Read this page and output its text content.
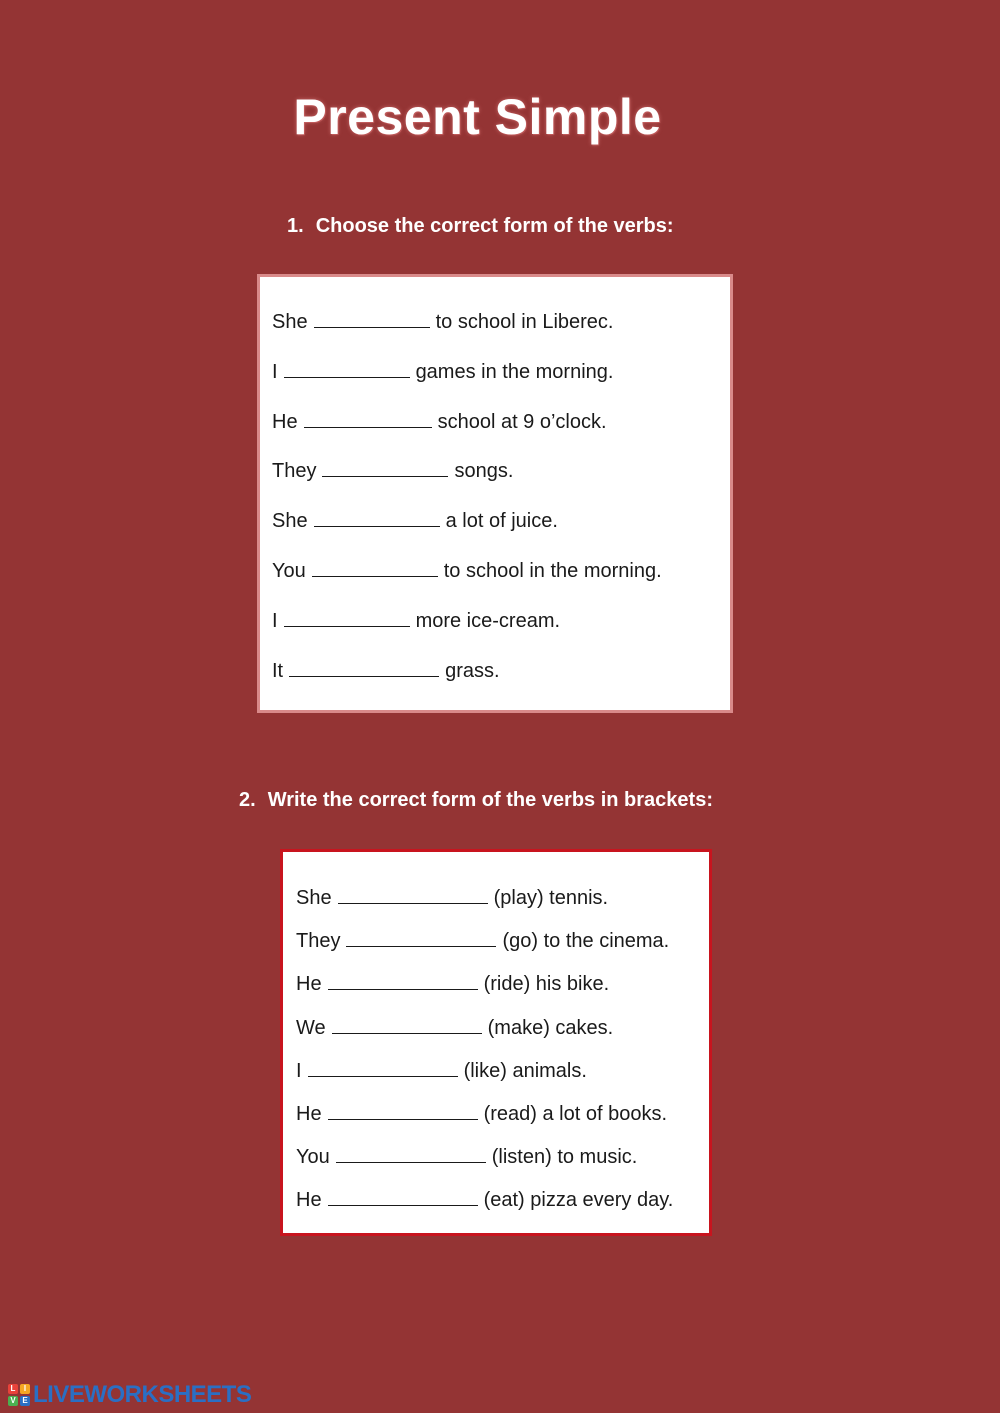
Present Simple
1. Choose the correct form of the verbs:
2. Write the correct form of the verbs in brackets:
L	I
V E LIVEWORKSHEETS
She	to school in Liberec.
I	games in the morning.
He	school at 9 o’clock.
They	songs.
She	a lot of juice.
You	to school in the morning.
I	more ice-cream.
It	grass.
She	(play) tennis.
They	(go) to the cinema.
He	(ride) his bike.
We	(make) cakes.
I	(like) animals.
He	(read) a lot of books.
You	(listen) to music.
He	(eat) pizza every day.
